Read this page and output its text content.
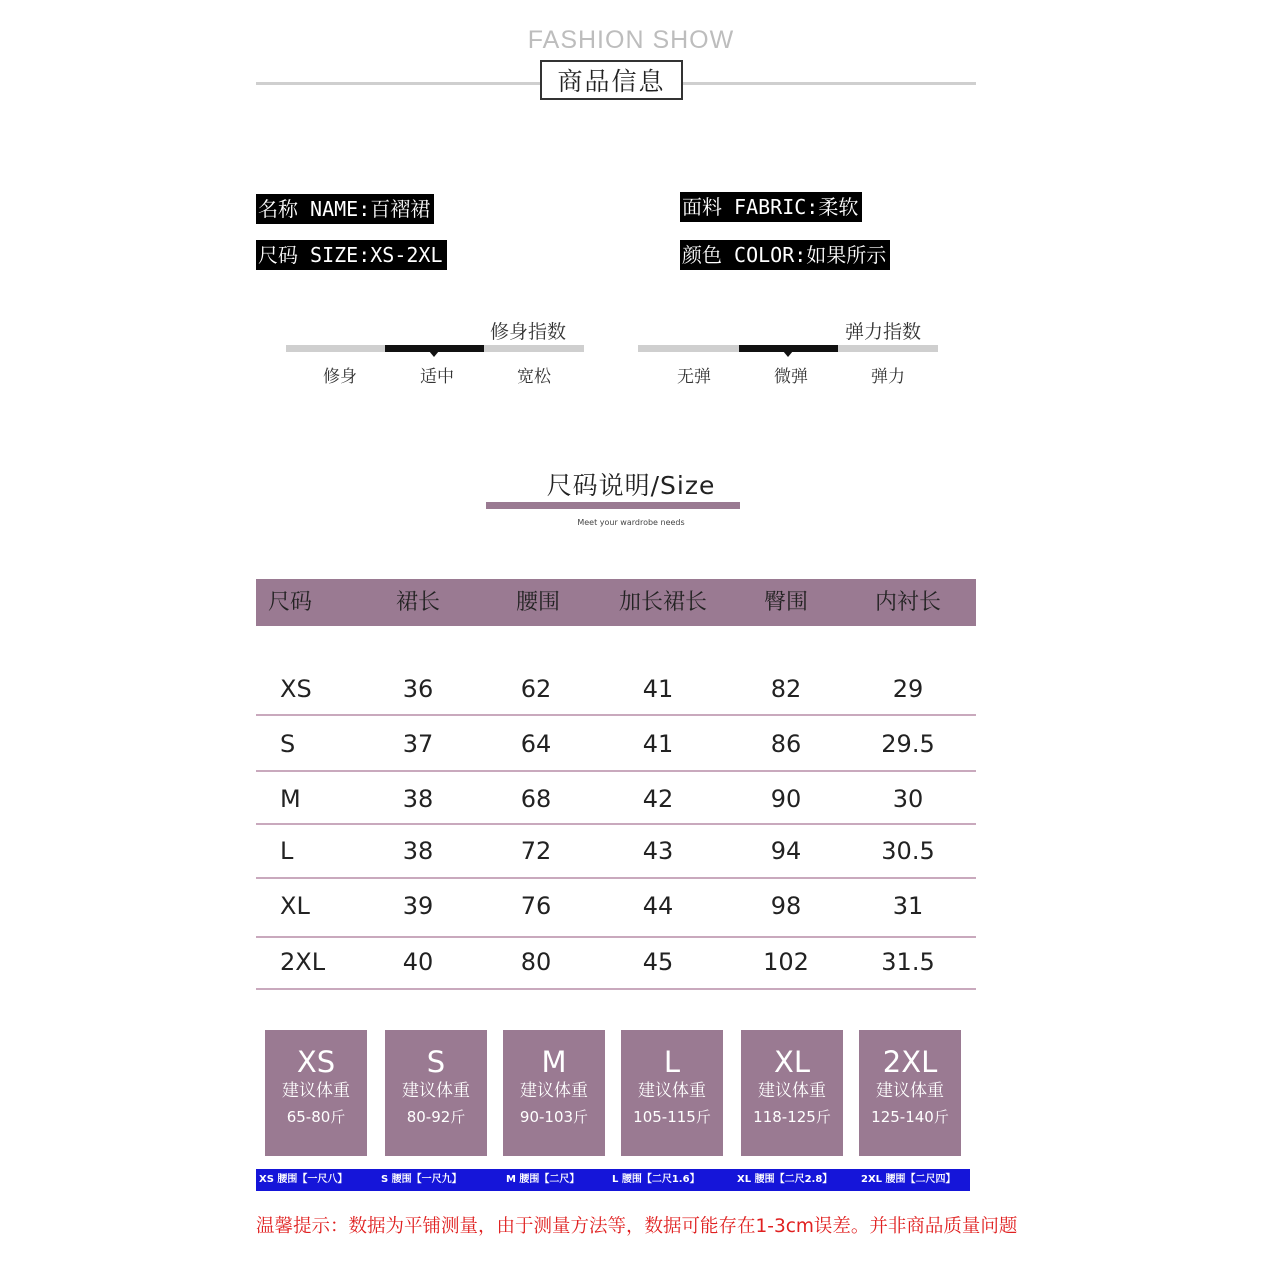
FASHION SHOW
商品信息
名称 NAME:百褶裙
尺码 SIZE:XS-2XL
面料 FABRIC:柔软
颜色 COLOR:如果所示
修身指数
修身	适中	宽松
弹力指数
无弹	微弹	弹力
尺码说明/Size
Meet your wardrobe needs
尺码	裙长	腰围	加长裙长	臀围	内衬长
XS	36	62	41	82	29
S	37	64	41	86	29.5
M	38	68	42	90	30
L	38	72	43	94	30.5
XL	39	76	44	98	31
2XL	40	80	45	102	31.5
XS
建议体重
65-80斤
S
建议体重
80-92斤
M
建议体重
90-103斤
L
建议体重
105-115斤
XL
建议体重
118-125斤
2XL
建议体重
125-140斤
XS 腰围【一尺八】	S 腰围【一尺九】	M 腰围【二尺】	L 腰围【二尺1.6】	XL 腰围【二尺2.8】	2XL 腰围【二尺四】
温馨提示：数据为平铺测量，由于测量方法等，数据可能存在1-3cm误差。并非商品质量问题
